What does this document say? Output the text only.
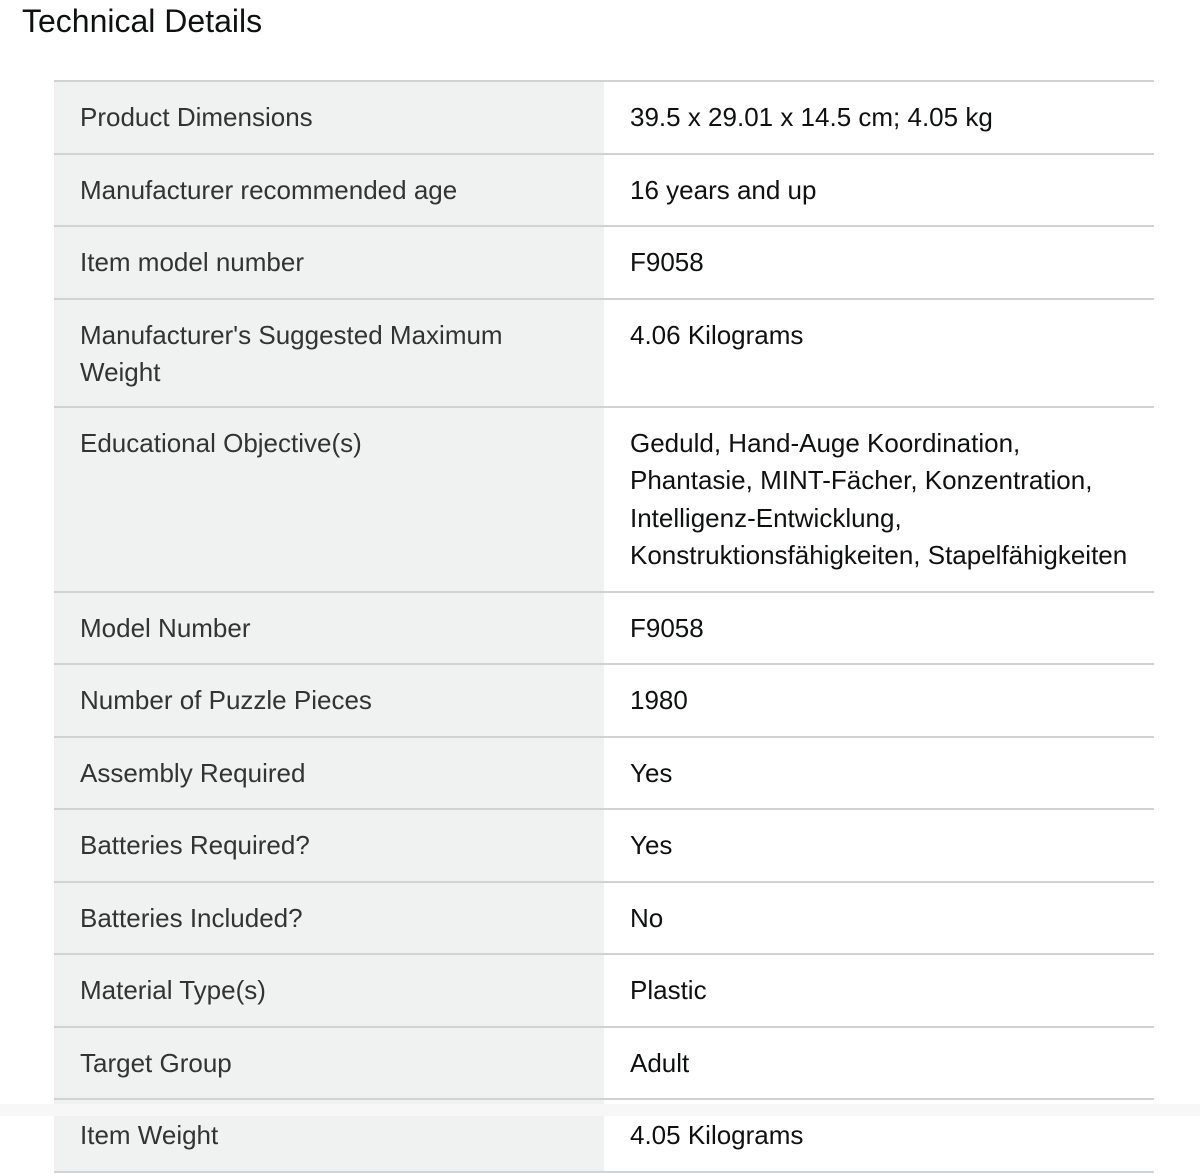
Technical Details
Product Dimensions	39.5 x 29.01 x 14.5 cm; 4.05 kg
Manufacturer recommended age	16 years and up
Item model number	F9058
Manufacturer's Suggested Maximum Weight	4.06 Kilograms
Educational Objective(s)	Geduld, Hand-Auge Koordination, Phantasie, MINT-Fächer, Konzentration, Intelligenz-Entwicklung, Konstruktionsfähigkeiten, Stapelfähigkeiten
Model Number	F9058
Number of Puzzle Pieces	1980
Assembly Required	Yes
Batteries Required?	Yes
Batteries Included?	No
Material Type(s)	Plastic
Target Group	Adult
Item Weight	4.05 Kilograms
